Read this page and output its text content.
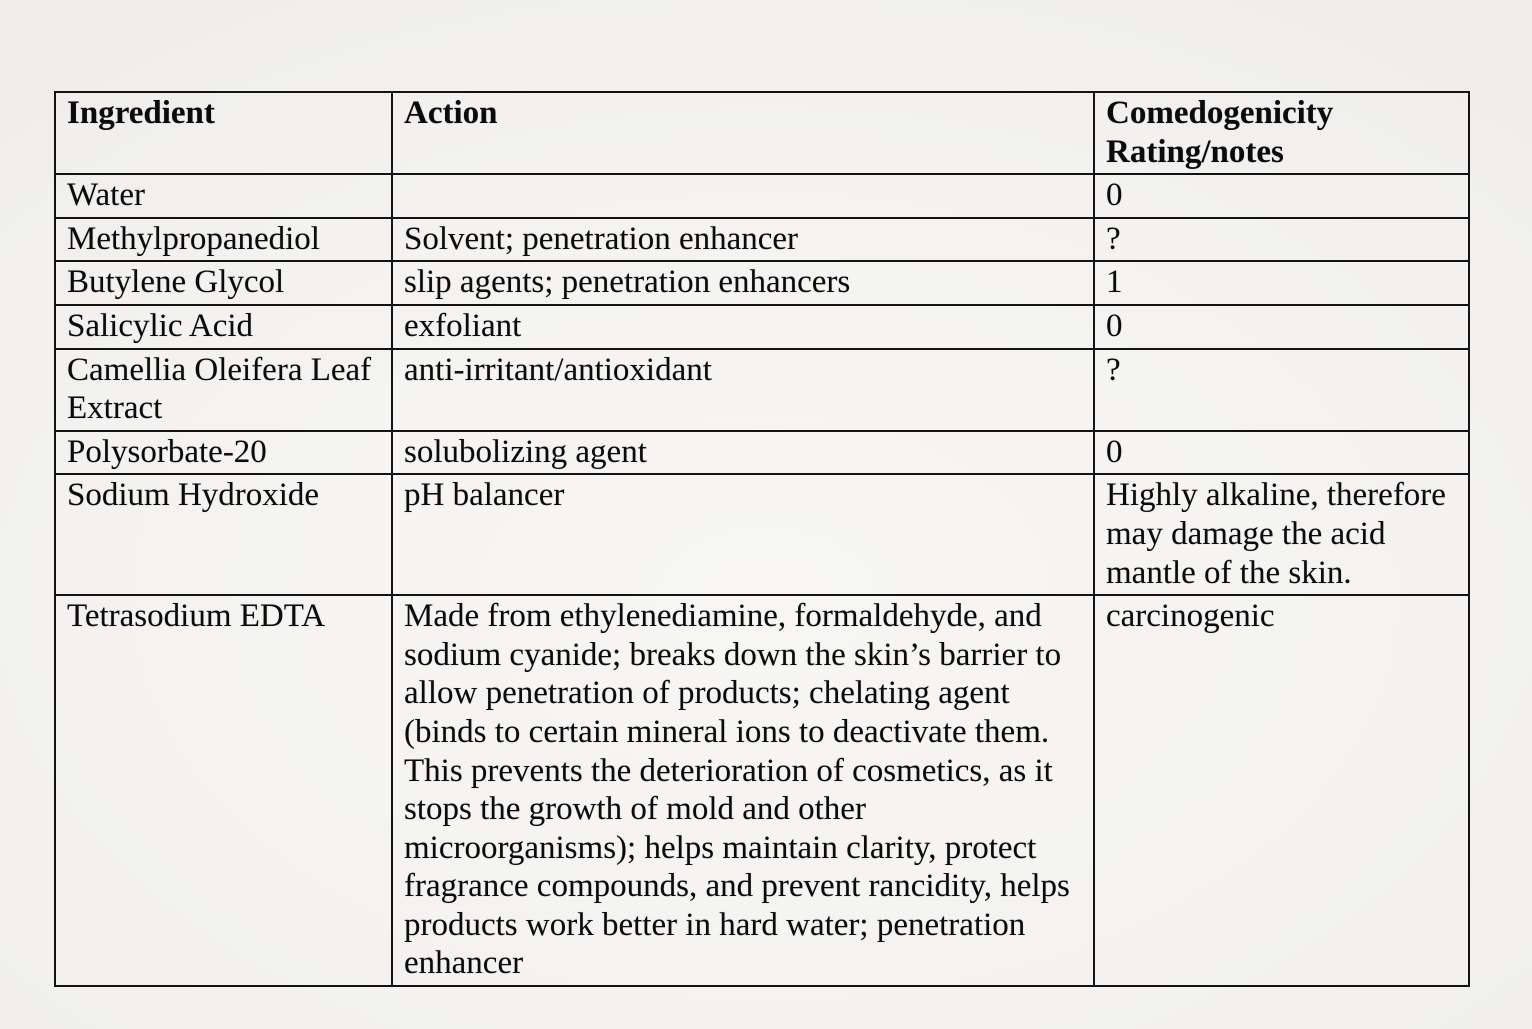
Ingredient	Action	Comedogenicity Rating/notes
Water		0
Methylpropanediol	Solvent; penetration enhancer	?
Butylene Glycol	slip agents; penetration enhancers	1
Salicylic Acid	exfoliant	0
Camellia Oleifera Leaf Extract	anti-irritant/antioxidant	?
Polysorbate-20	solubolizing agent	0
Sodium Hydroxide	pH balancer	Highly alkaline, therefore may damage the acid mantle of the skin.
Tetrasodium EDTA	Made from ethylenediamine, formaldehyde, and sodium cyanide; breaks down the skin’s barrier to allow penetration of products; chelating agent (binds to certain mineral ions to deactivate them. This prevents the deterioration of cosmetics, as it stops the growth of mold and other microorganisms); helps maintain clarity, protect fragrance compounds, and prevent rancidity, helps products work better in hard water; penetration enhancer	carcinogenic
